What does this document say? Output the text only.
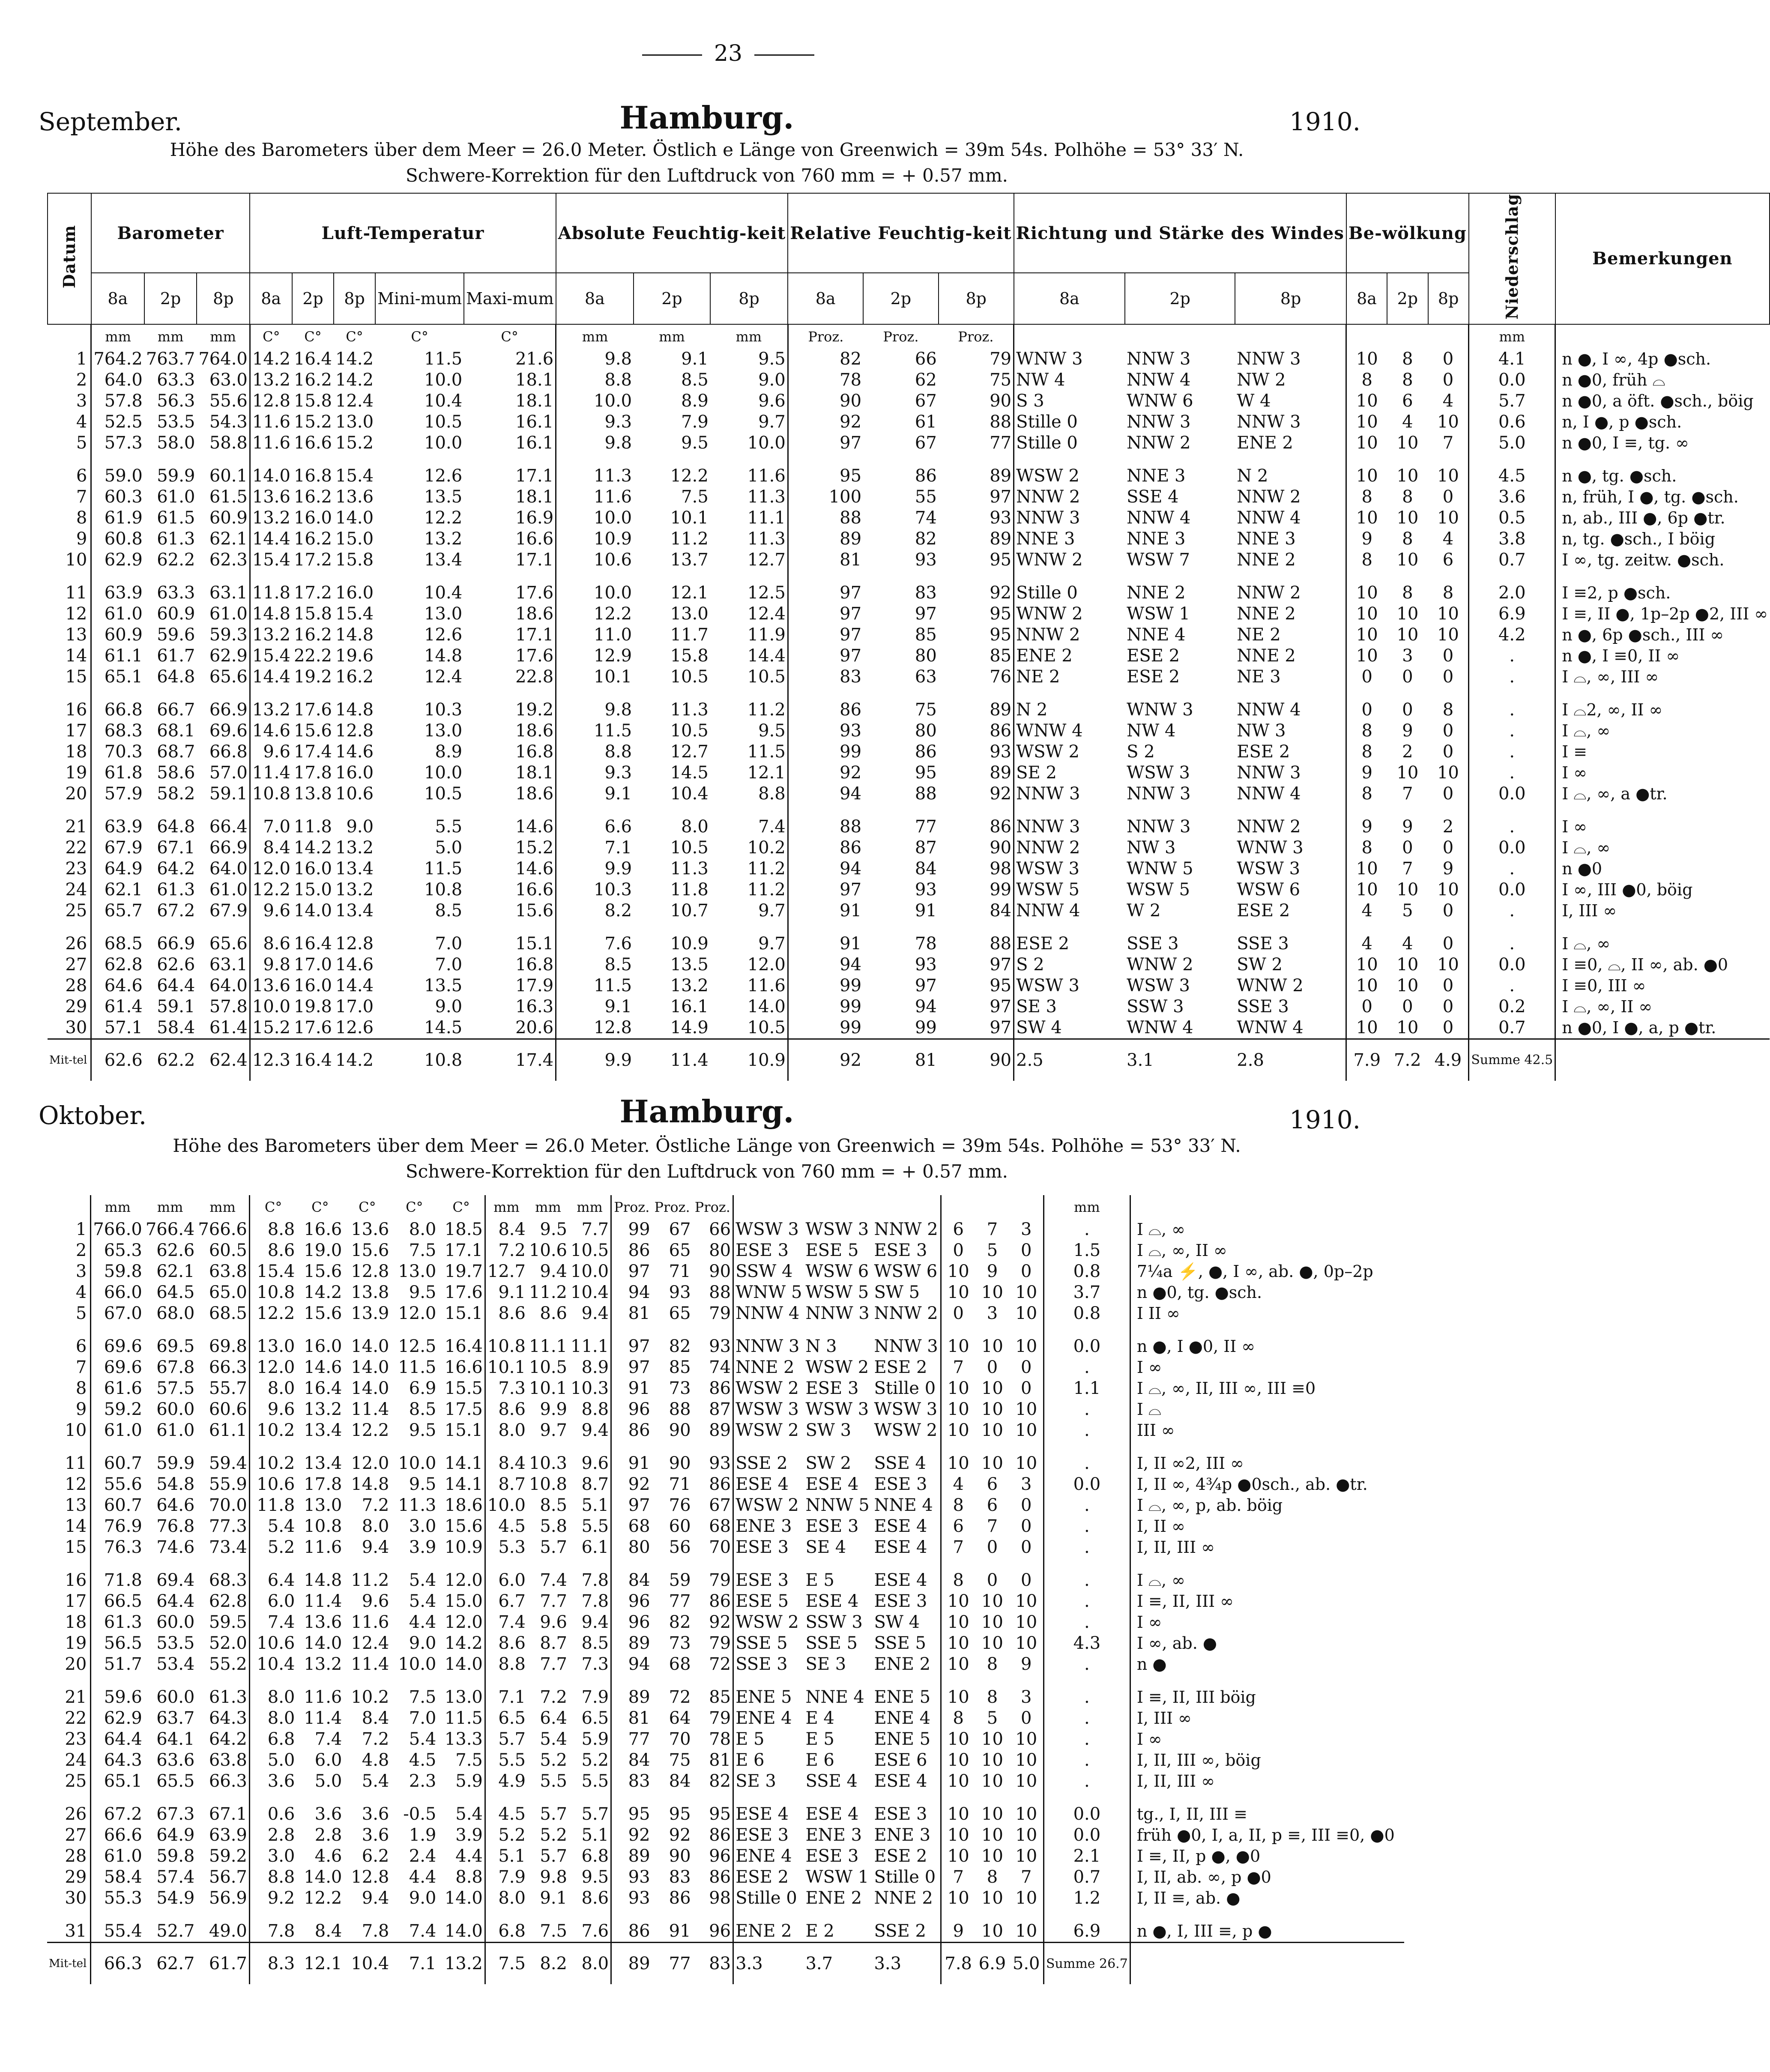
23
September.	Hamburg.	1910.
Höhe des Barometers über dem Meer = 26.0 Meter. Östlich e Länge von Greenwich = 39m 54s. Polhöhe = 53° 33′ N.
Schwere-Korrektion für den Luftdruck von 760 mm = + 0.57 mm.
Datum	Barometer			Luft-Temperatur					Absolute Feuchtig-keit			Relative Feuchtig-keit			Richtung und Stärke des Windes			Be-wölkung			Niederschlag	Bemerkungen
	8a	2p	8p	8a	2p	8p	Mini-mum	Maxi-mum	8a	2p	8p	8a	2p	8p	8a	2p	8p	8a	2p	8p		
	mm	mm	mm	C°	C°	C°	C°	C°	mm	mm	mm	Proz.	Proz.	Proz.							mm	
1	764.2	763.7	764.0	14.2	16.4	14.2	11.5	21.6	9.8	9.1	9.5	82	66	79	WNW 3	NNW 3	NNW 3	10	8	0	4.1	n ●, I ∞, 4p ●sch.
2	64.0	63.3	63.0	13.2	16.2	14.2	10.0	18.1	8.8	8.5	9.0	78	62	75	NW 4	NNW 4	NW 2	8	8	0	0.0	n ●0, früh ⌓
3	57.8	56.3	55.6	12.8	15.8	12.4	10.4	18.1	10.0	8.9	9.6	90	67	90	S 3	WNW 6	W 4	10	6	4	5.7	n ●0, a öft. ●sch., böig
4	52.5	53.5	54.3	11.6	15.2	13.0	10.5	16.1	9.3	7.9	9.7	92	61	88	Stille 0	NNW 3	NNW 3	10	4	10	0.6	n, I ●, p ●sch.
5	57.3	58.0	58.8	11.6	16.6	15.2	10.0	16.1	9.8	9.5	10.0	97	67	77	Stille 0	NNW 2	ENE 2	10	10	7	5.0	n ●0, I ≡, tg. ∞

6	59.0	59.9	60.1	14.0	16.8	15.4	12.6	17.1	11.3	12.2	11.6	95	86	89	WSW 2	NNE 3	N 2	10	10	10	4.5	n ●, tg. ●sch.
7	60.3	61.0	61.5	13.6	16.2	13.6	13.5	18.1	11.6	7.5	11.3	100	55	97	NNW 2	SSE 4	NNW 2	8	8	0	3.6	n, früh, I ●, tg. ●sch.
8	61.9	61.5	60.9	13.2	16.0	14.0	12.2	16.9	10.0	10.1	11.1	88	74	93	NNW 3	NNW 4	NNW 4	10	10	10	0.5	n, ab., III ●, 6p ●tr.
9	60.8	61.3	62.1	14.4	16.2	15.0	13.2	16.6	10.9	11.2	11.3	89	82	89	NNE 3	NNE 3	NNE 3	9	8	4	3.8	n, tg. ●sch., I böig
10	62.9	62.2	62.3	15.4	17.2	15.8	13.4	17.1	10.6	13.7	12.7	81	93	95	WNW 2	WSW 7	NNE 2	8	10	6	0.7	I ∞, tg. zeitw. ●sch.

11	63.9	63.3	63.1	11.8	17.2	16.0	10.4	17.6	10.0	12.1	12.5	97	83	92	Stille 0	NNE 2	NNW 2	10	8	8	2.0	I ≡2, p ●sch.
12	61.0	60.9	61.0	14.8	15.8	15.4	13.0	18.6	12.2	13.0	12.4	97	97	95	WNW 2	WSW 1	NNE 2	10	10	10	6.9	I ≡, II ●, 1p–2p ●2, III ∞
13	60.9	59.6	59.3	13.2	16.2	14.8	12.6	17.1	11.0	11.7	11.9	97	85	95	NNW 2	NNE 4	NE 2	10	10	10	4.2	n ●, 6p ●sch., III ∞
14	61.1	61.7	62.9	15.4	22.2	19.6	14.8	17.6	12.9	15.8	14.4	97	80	85	ENE 2	ESE 2	NNE 2	10	3	0	.	n ●, I ≡0, II ∞
15	65.1	64.8	65.6	14.4	19.2	16.2	12.4	22.8	10.1	10.5	10.5	83	63	76	NE 2	ESE 2	NE 3	0	0	0	.	I ⌓, ∞, III ∞

16	66.8	66.7	66.9	13.2	17.6	14.8	10.3	19.2	9.8	11.3	11.2	86	75	89	N 2	WNW 3	NNW 4	0	0	8	.	I ⌓2, ∞, II ∞
17	68.3	68.1	69.6	14.6	15.6	12.8	13.0	18.6	11.5	10.5	9.5	93	80	86	WNW 4	NW 4	NW 3	8	9	0	.	I ⌓, ∞
18	70.3	68.7	66.8	9.6	17.4	14.6	8.9	16.8	8.8	12.7	11.5	99	86	93	WSW 2	S 2	ESE 2	8	2	0	.	I ≡
19	61.8	58.6	57.0	11.4	17.8	16.0	10.0	18.1	9.3	14.5	12.1	92	95	89	SE 2	WSW 3	NNW 3	9	10	10	.	I ∞
20	57.9	58.2	59.1	10.8	13.8	10.6	10.5	18.6	9.1	10.4	8.8	94	88	92	NNW 3	NNW 3	NNW 4	8	7	0	0.0	I ⌓, ∞, a ●tr.

21	63.9	64.8	66.4	7.0	11.8	9.0	5.5	14.6	6.6	8.0	7.4	88	77	86	NNW 3	NNW 3	NNW 2	9	9	2	.	I ∞
22	67.9	67.1	66.9	8.4	14.2	13.2	5.0	15.2	7.1	10.5	10.2	86	87	90	NNW 2	NW 3	WNW 3	8	0	0	0.0	I ⌓, ∞
23	64.9	64.2	64.0	12.0	16.0	13.4	11.5	14.6	9.9	11.3	11.2	94	84	98	WSW 3	WNW 5	WSW 3	10	7	9	.	n ●0
24	62.1	61.3	61.0	12.2	15.0	13.2	10.8	16.6	10.3	11.8	11.2	97	93	99	WSW 5	WSW 5	WSW 6	10	10	10	0.0	I ∞, III ●0, böig
25	65.7	67.2	67.9	9.6	14.0	13.4	8.5	15.6	8.2	10.7	9.7	91	91	84	NNW 4	W 2	ESE 2	4	5	0	.	I, III ∞

26	68.5	66.9	65.6	8.6	16.4	12.8	7.0	15.1	7.6	10.9	9.7	91	78	88	ESE 2	SSE 3	SSE 3	4	4	0	.	I ⌓, ∞
27	62.8	62.6	63.1	9.8	17.0	14.6	7.0	16.8	8.5	13.5	12.0	94	93	97	S 2	WNW 2	SW 2	10	10	10	0.0	I ≡0, ⌓, II ∞, ab. ●0
28	64.6	64.4	64.0	13.6	16.0	14.4	13.5	17.9	11.5	13.2	11.6	99	97	95	WSW 3	WSW 3	WNW 2	10	10	0	.	I ≡0, III ∞
29	61.4	59.1	57.8	10.0	19.8	17.0	9.0	16.3	9.1	16.1	14.0	99	94	97	SE 3	SSW 3	SSE 3	0	0	0	0.2	I ⌓, ∞, II ∞
30	57.1	58.4	61.4	15.2	17.6	12.6	14.5	20.6	12.8	14.9	10.5	99	99	97	SW 4	WNW 4	WNW 4	10	10	0	0.7	n ●0, I ●, a, p ●tr.
Mit-tel	62.6	62.2	62.4	12.3	16.4	14.2	10.8	17.4	9.9	11.4	10.9	92	81	90	2.5	3.1	2.8	7.9	7.2	4.9	Summe 42.5	
Oktober.	Hamburg.	1910.
Höhe des Barometers über dem Meer = 26.0 Meter. Östliche Länge von Greenwich = 39m 54s. Polhöhe = 53° 33′ N.
Schwere-Korrektion für den Luftdruck von 760 mm = + 0.57 mm.
	mm	mm	mm	C°	C°	C°	C°	C°	mm	mm	mm	Proz.	Proz.	Proz.							mm	
1	766.0	766.4	766.6	8.8	16.6	13.6	8.0	18.5	8.4	9.5	7.7	99	67	66	WSW 3	WSW 3	NNW 2	6	7	3	.	I ⌓, ∞
2	65.3	62.6	60.5	8.6	19.0	15.6	7.5	17.1	7.2	10.6	10.5	86	65	80	ESE 3	ESE 5	ESE 3	0	5	0	1.5	I ⌓, ∞, II ∞
3	59.8	62.1	63.8	15.4	15.6	12.8	13.0	19.7	12.7	9.4	10.0	97	71	90	SSW 4	WSW 6	WSW 6	10	9	0	0.8	7¼a ⚡, ●, I ∞, ab. ●, 0p–2p
4	66.0	64.5	65.0	10.8	14.2	13.8	9.5	17.6	9.1	11.2	10.4	94	93	88	WNW 5	WSW 5	SW 5	10	10	10	3.7	n ●0, tg. ●sch.
5	67.0	68.0	68.5	12.2	15.6	13.9	12.0	15.1	8.6	8.6	9.4	81	65	79	NNW 4	NNW 3	NNW 2	0	3	10	0.8	I II ∞

6	69.6	69.5	69.8	13.0	16.0	14.0	12.5	16.4	10.8	11.1	11.1	97	82	93	NNW 3	N 3	NNW 3	10	10	10	0.0	n ●, I ●0, II ∞
7	69.6	67.8	66.3	12.0	14.6	14.0	11.5	16.6	10.1	10.5	8.9	97	85	74	NNE 2	WSW 2	ESE 2	7	0	0	.	I ∞
8	61.6	57.5	55.7	8.0	16.4	14.0	6.9	15.5	7.3	10.1	10.3	91	73	86	WSW 2	ESE 3	Stille 0	10	10	0	1.1	I ⌓, ∞, II, III ∞, III ≡0
9	59.2	60.0	60.6	9.6	13.2	11.4	8.5	17.5	8.6	9.9	8.8	96	88	87	WSW 3	WSW 3	WSW 3	10	10	10	.	I ⌓
10	61.0	61.0	61.1	10.2	13.4	12.2	9.5	15.1	8.0	9.7	9.4	86	90	89	WSW 2	SW 3	WSW 2	10	10	10	.	III ∞

11	60.7	59.9	59.4	10.2	13.4	12.0	10.0	14.1	8.4	10.3	9.6	91	90	93	SSE 2	SW 2	SSE 4	10	10	10	.	I, II ∞2, III ∞
12	55.6	54.8	55.9	10.6	17.8	14.8	9.5	14.1	8.7	10.8	8.7	92	71	86	ESE 4	ESE 4	ESE 3	4	6	3	0.0	I, II ∞, 4¾p ●0sch., ab. ●tr.
13	60.7	64.6	70.0	11.8	13.0	7.2	11.3	18.6	10.0	8.5	5.1	97	76	67	WSW 2	NNW 5	NNE 4	8	6	0	.	I ⌓, ∞, p, ab. böig
14	76.9	76.8	77.3	5.4	10.8	8.0	3.0	15.6	4.5	5.8	5.5	68	60	68	ENE 3	ESE 3	ESE 4	6	7	0	.	I, II ∞
15	76.3	74.6	73.4	5.2	11.6	9.4	3.9	10.9	5.3	5.7	6.1	80	56	70	ESE 3	SE 4	ESE 4	7	0	0	.	I, II, III ∞

16	71.8	69.4	68.3	6.4	14.8	11.2	5.4	12.0	6.0	7.4	7.8	84	59	79	ESE 3	E 5	ESE 4	8	0	0	.	I ⌓, ∞
17	66.5	64.4	62.8	6.0	11.4	9.6	5.4	15.0	6.7	7.7	7.8	96	77	86	ESE 5	ESE 4	ESE 3	10	10	10	.	I ≡, II, III ∞
18	61.3	60.0	59.5	7.4	13.6	11.6	4.4	12.0	7.4	9.6	9.4	96	82	92	WSW 2	SSW 3	SW 4	10	10	10	.	I ∞
19	56.5	53.5	52.0	10.6	14.0	12.4	9.0	14.2	8.6	8.7	8.5	89	73	79	SSE 5	SSE 5	SSE 5	10	10	10	4.3	I ∞, ab. ●
20	51.7	53.4	55.2	10.4	13.2	11.4	10.0	14.0	8.8	7.7	7.3	94	68	72	SSE 3	SE 3	ENE 2	10	8	9	.	n ●

21	59.6	60.0	61.3	8.0	11.6	10.2	7.5	13.0	7.1	7.2	7.9	89	72	85	ENE 5	NNE 4	ENE 5	10	8	3	.	I ≡, II, III böig
22	62.9	63.7	64.3	8.0	11.4	8.4	7.0	11.5	6.5	6.4	6.5	81	64	79	ENE 4	E 4	ENE 4	8	5	0	.	I, III ∞
23	64.4	64.1	64.2	6.8	7.4	7.2	5.4	13.3	5.7	5.4	5.9	77	70	78	E 5	E 5	ENE 5	10	10	10	.	I ∞
24	64.3	63.6	63.8	5.0	6.0	4.8	4.5	7.5	5.5	5.2	5.2	84	75	81	E 6	E 6	ESE 6	10	10	10	.	I, II, III ∞, böig
25	65.1	65.5	66.3	3.6	5.0	5.4	2.3	5.9	4.9	5.5	5.5	83	84	82	SE 3	SSE 4	ESE 4	10	10	10	.	I, II, III ∞

26	67.2	67.3	67.1	0.6	3.6	3.6	-0.5	5.4	4.5	5.7	5.7	95	95	95	ESE 4	ESE 4	ESE 3	10	10	10	0.0	tg., I, II, III ≡
27	66.6	64.9	63.9	2.8	2.8	3.6	1.9	3.9	5.2	5.2	5.1	92	92	86	ESE 3	ENE 3	ENE 3	10	10	10	0.0	früh ●0, I, a, II, p ≡, III ≡0, ●0
28	61.0	59.8	59.2	3.0	4.6	6.2	2.4	4.4	5.1	5.7	6.8	89	90	96	ENE 4	ESE 3	ESE 2	10	10	10	2.1	I ≡, II, p ●, ●0
29	58.4	57.4	56.7	8.8	14.0	12.8	4.4	8.8	7.9	9.8	9.5	93	83	86	ESE 2	WSW 1	Stille 0	7	8	7	0.7	I, II, ab. ∞, p ●0
30	55.3	54.9	56.9	9.2	12.2	9.4	9.0	14.0	8.0	9.1	8.6	93	86	98	Stille 0	ENE 2	NNE 2	10	10	10	1.2	I, II ≡, ab. ●

31	55.4	52.7	49.0	7.8	8.4	7.8	7.4	14.0	6.8	7.5	7.6	86	91	96	ENE 2	E 2	SSE 2	9	10	10	6.9	n ●, I, III ≡, p ●
Mit-tel	66.3	62.7	61.7	8.3	12.1	10.4	7.1	13.2	7.5	8.2	8.0	89	77	83	3.3	3.7	3.3	7.8	6.9	5.0	Summe 26.7	
